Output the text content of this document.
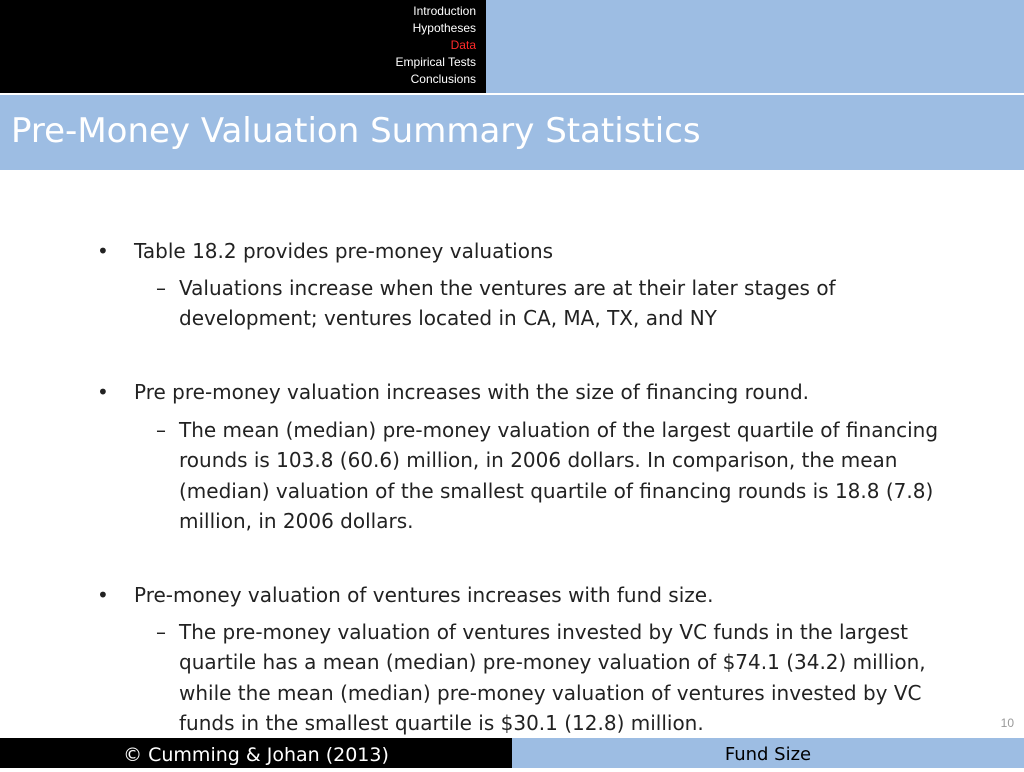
Introduction
Hypotheses
Data
Empirical Tests
Conclusions
Pre-Money Valuation Summary Statistics
• Table 18.2 provides pre-money valuations
– Valuations increase when the ventures are at their later stages of development; ventures located in CA, MA, TX, and NY
• Pre pre-money valuation increases with the size of financing round.
– The mean (median) pre-money valuation of the largest quartile of financing rounds is 103.8 (60.6) million, in 2006 dollars. In comparison, the mean (median) valuation of the smallest quartile of financing rounds is 18.8 (7.8) million, in 2006 dollars.
• Pre-money valuation of ventures increases with fund size.
– The pre-money valuation of ventures invested by VC funds in the largest quartile has a mean (median) pre-money valuation of $74.1 (34.2) million, while the mean (median) pre-money valuation of ventures invested by VC funds in the smallest quartile is $30.1 (12.8) million.	10
© Cumming & Johan (2013)	Fund Size
